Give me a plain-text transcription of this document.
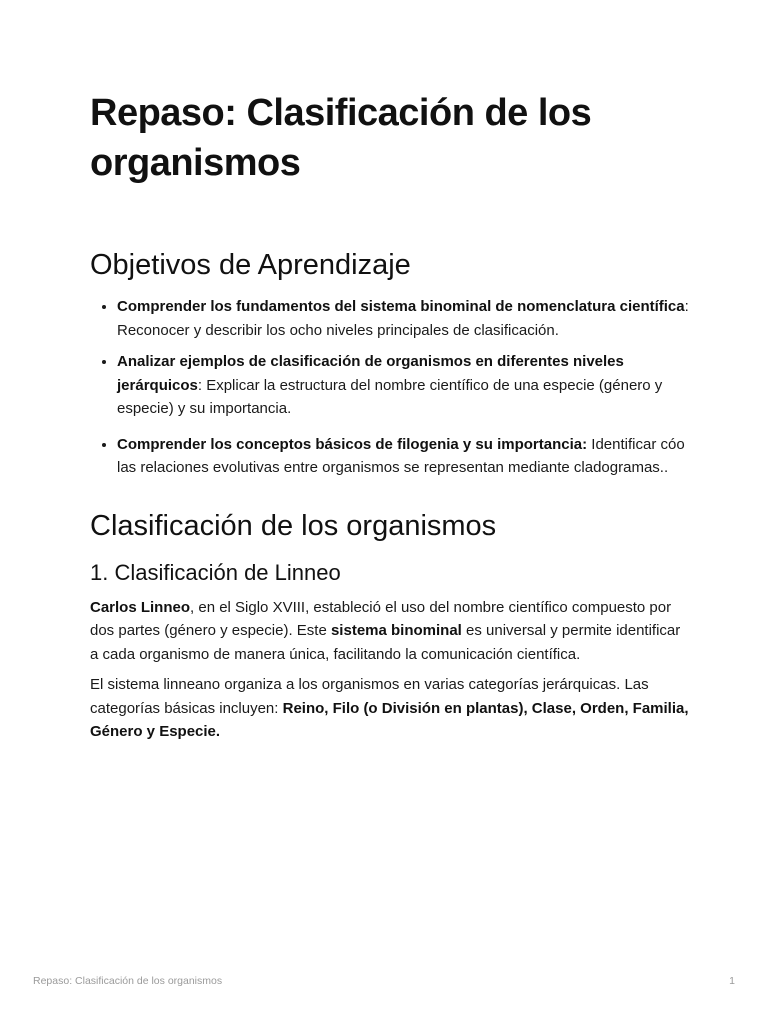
Repaso: Clasificación de los organismos
Objetivos de Aprendizaje
• Comprender los fundamentos del sistema binominal de nomenclatura científica: Reconocer y describir los ocho niveles principales de clasificación.
• Analizar ejemplos de clasificación de organismos en diferentes niveles jerárquicos: Explicar la estructura del nombre científico de una especie (género y especie) y su importancia.
• Comprender los conceptos básicos de filogenia y su importancia: Identificar cóo las relaciones evolutivas entre organismos se representan mediante cladogramas..
Clasificación de los organismos
1. Clasificación de Linneo

Carlos Linneo, en el Siglo XVIII, estableció el uso del nombre científico compuesto por dos partes (género y especie). Este sistema binominal es universal y permite identificar a cada organismo de manera única, facilitando la comunicación científica.

El sistema linneano organiza a los organismos en varias categorías jerárquicas. Las categorías básicas incluyen: Reino, Filo (o División en plantas), Clase, Orden, Familia, Género y Especie.

Repaso: Clasificación de los organismos	1
